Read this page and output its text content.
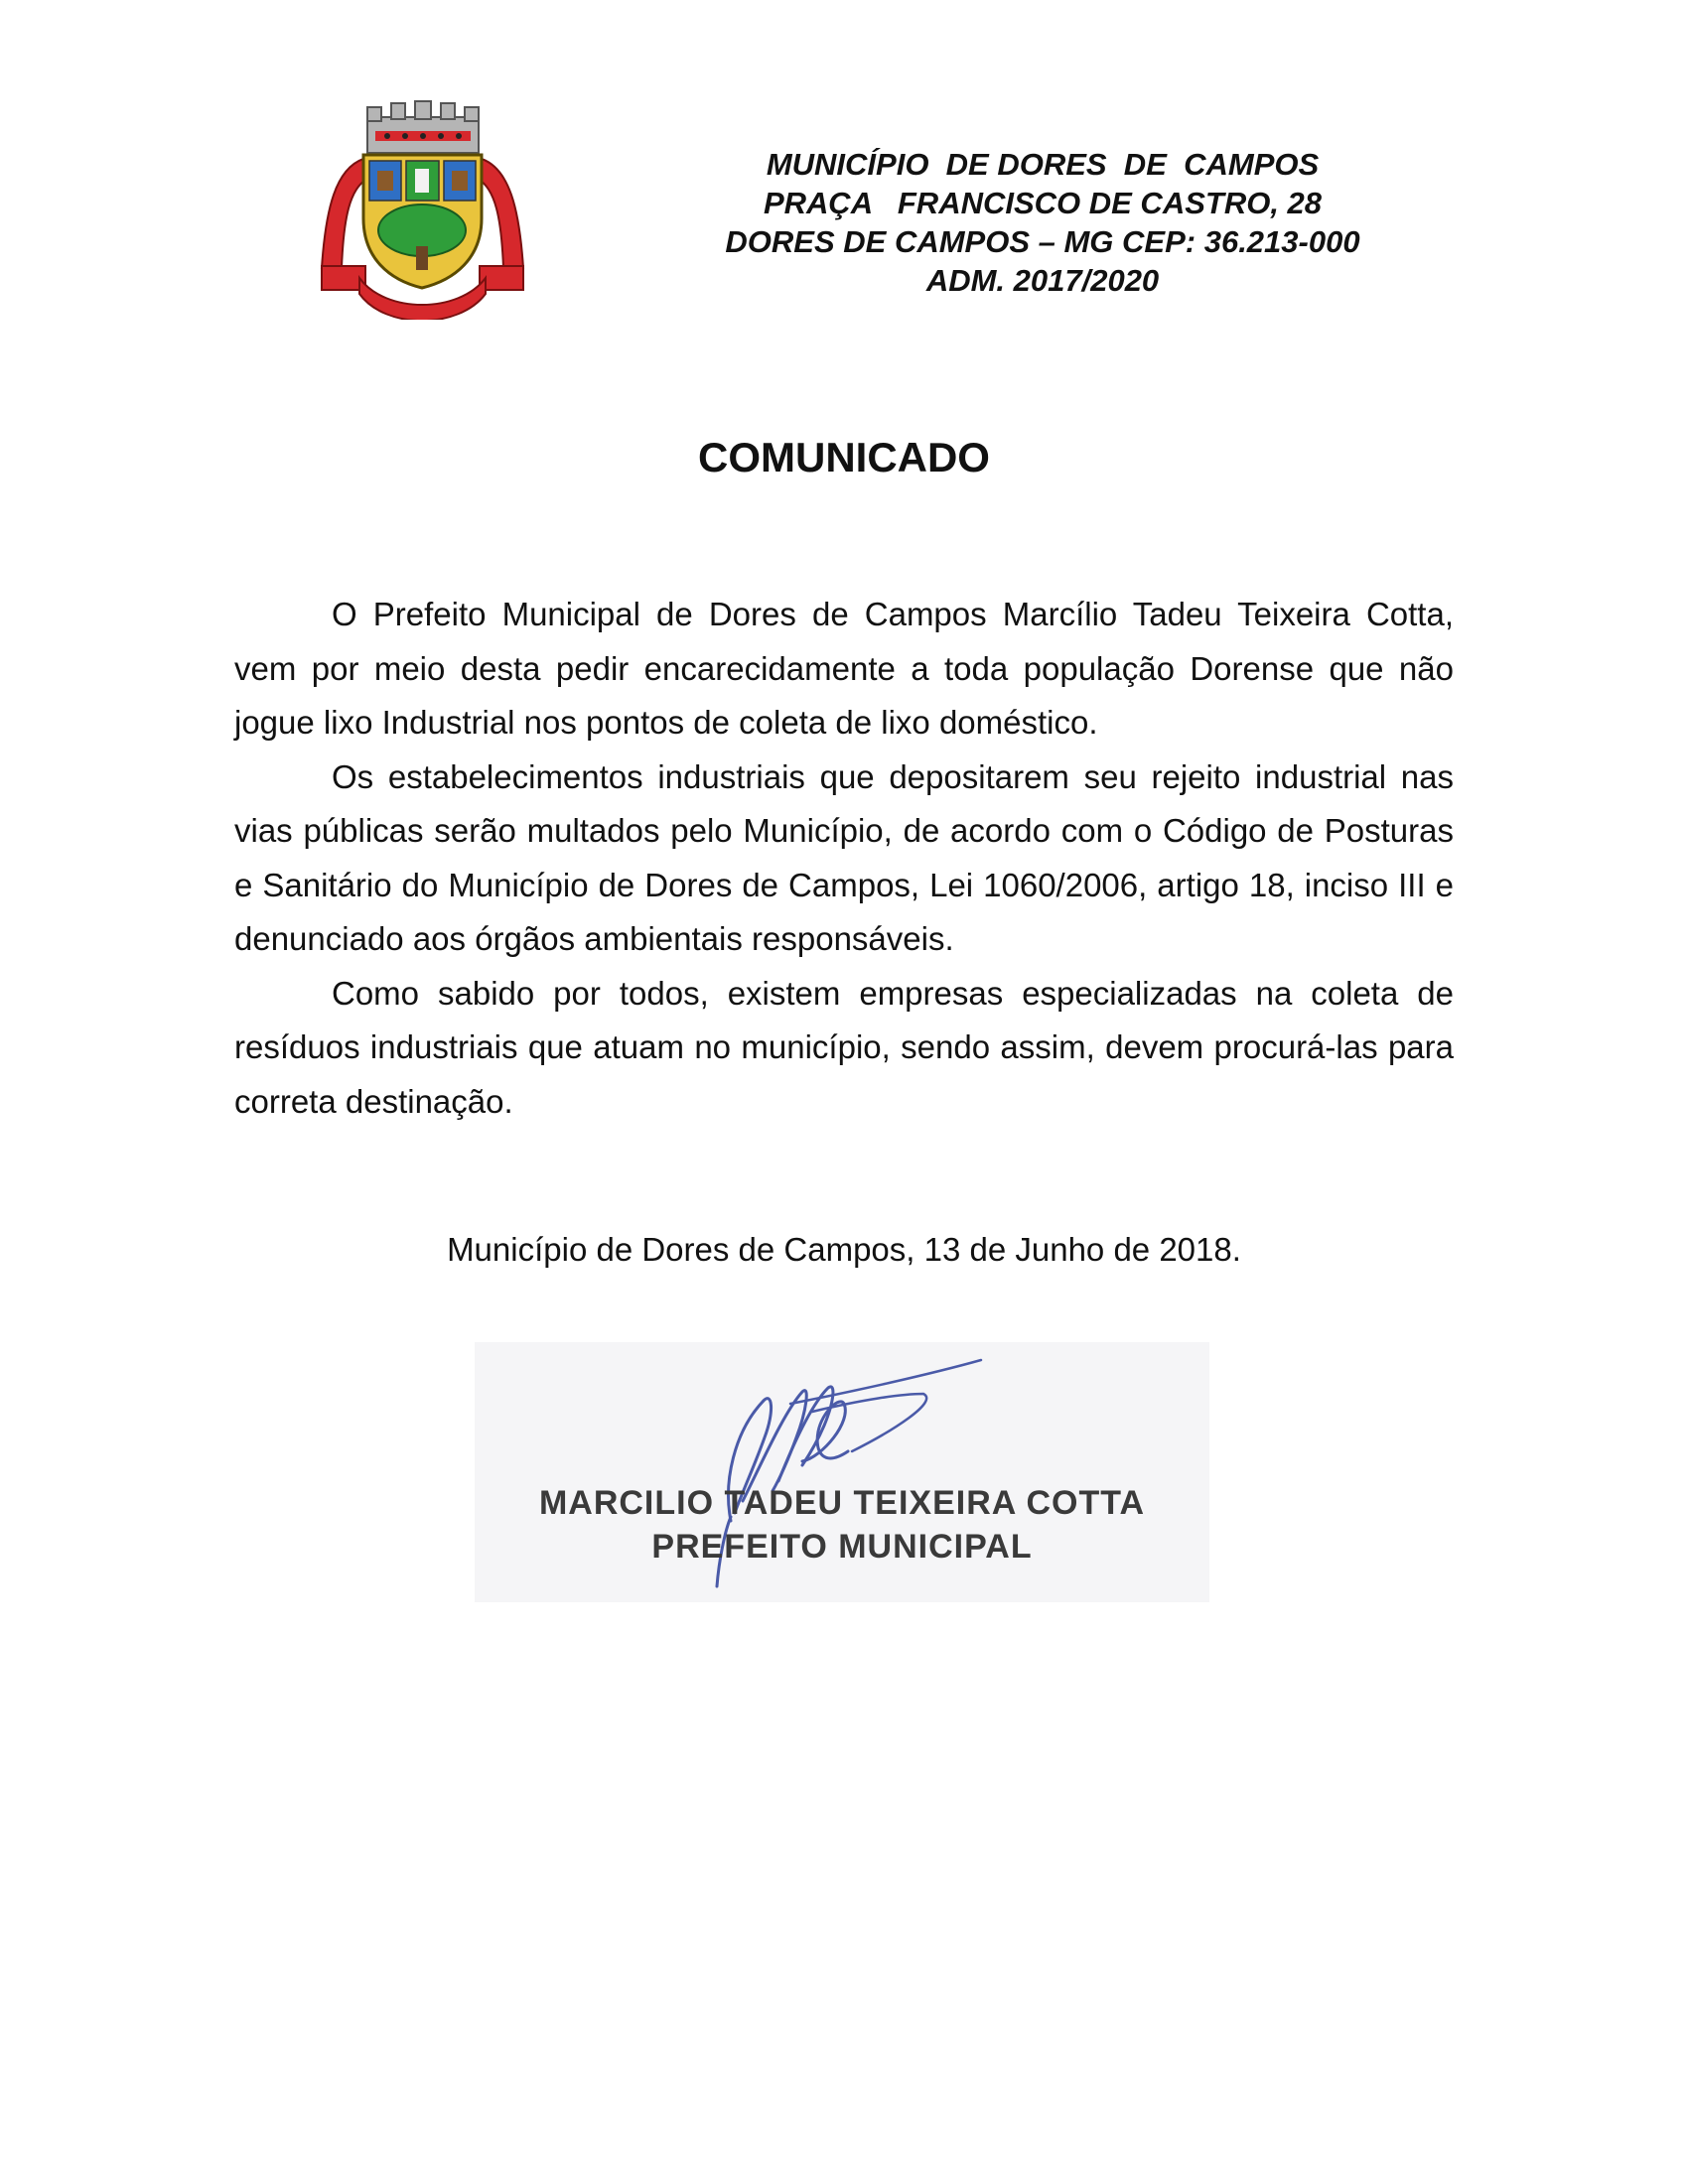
MUNICÍPIO  DE DORES  DE  CAMPOS
PRAÇA   FRANCISCO DE CASTRO, 28
DORES DE CAMPOS – MG CEP: 36.213-000
ADM. 2017/2020
COMUNICADO

O Prefeito Municipal de Dores de Campos Marcílio Tadeu Teixeira Cotta, vem por meio desta pedir encarecidamente a toda população Dorense que não jogue lixo Industrial nos pontos de coleta de lixo doméstico.

Os estabelecimentos industriais que depositarem seu rejeito industrial nas vias públicas serão multados pelo Município, de acordo com o Código de Posturas e Sanitário do Município de Dores de Campos, Lei 1060/2006, artigo 18, inciso III e denunciado aos órgãos ambientais responsáveis.

Como sabido por todos, existem empresas especializadas na coleta de resíduos industriais que atuam no município, sendo assim, devem procurá-las para correta destinação.

Município de Dores de Campos, 13 de Junho de 2018.
MARCILIO TADEU TEIXEIRA COTTA
PREFEITO MUNICIPAL
